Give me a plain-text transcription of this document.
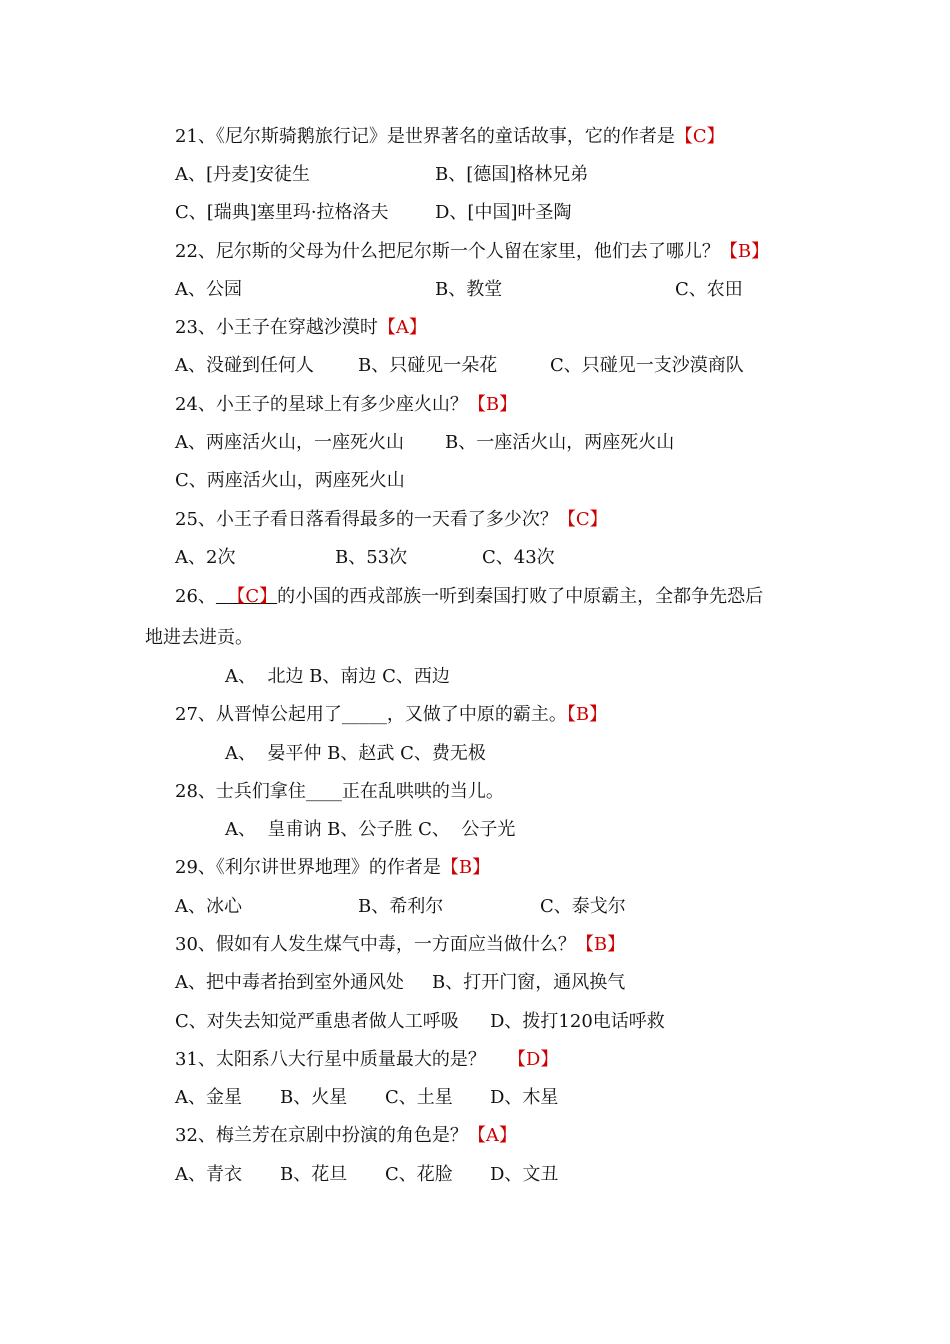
21、《尼尔斯骑鹅旅行记》是世界著名的童话故事，它的作者是【C】
A、[丹麦]安徒生	B、[德国]格林兄弟
C、[瑞典]塞里玛·拉格洛夫	D、[中国]叶圣陶
22、尼尔斯的父母为什么把尼尔斯一个人留在家里，他们去了哪儿？【B】
A、公园	B、教堂	C、农田
23、小王子在穿越沙漠时【A】
A、没碰到任何人 B、只碰见一朵花	C、只碰见一支沙漠商队
24、小王子的星球上有多少座火山？【B】
A、两座活火山，一座死火山 B、一座活火山，两座死火山
C、两座活火山，两座死火山
25、小王子看日落看得最多的一天看了多少次？【C】
A、2次	B、53次	C、43次
26、 【C】的小国的西戎部族一听到秦国打败了中原霸主，全都争先恐后
地进去进贡。
A、  北边 B、南边 C、西边
27、从晋悼公起用了_____，又做了中原的霸主。【B】
A、  晏平仲 B、赵武 C、费无极
28、士兵们拿住____正在乱哄哄的当儿。
A、  皇甫讷 B、公子胜 C、  公子光
29、《利尔讲世界地理》的作者是【B】
A、冰心	B、希利尔	C、泰戈尔
30、假如有人发生煤气中毒，一方面应当做什么？【B】
A、把中毒者抬到室外通风处 B、打开门窗，通风换气
C、对失去知觉严重患者做人工呼吸 D、拨打120电话呼救
31、太阳系八大行星中质量最大的是？ 【D】
A、金星 B、火星 C、土星 D、木星
32、梅兰芳在京剧中扮演的角色是？【A】
A、青衣 B、花旦 C、花脸 D、文丑
